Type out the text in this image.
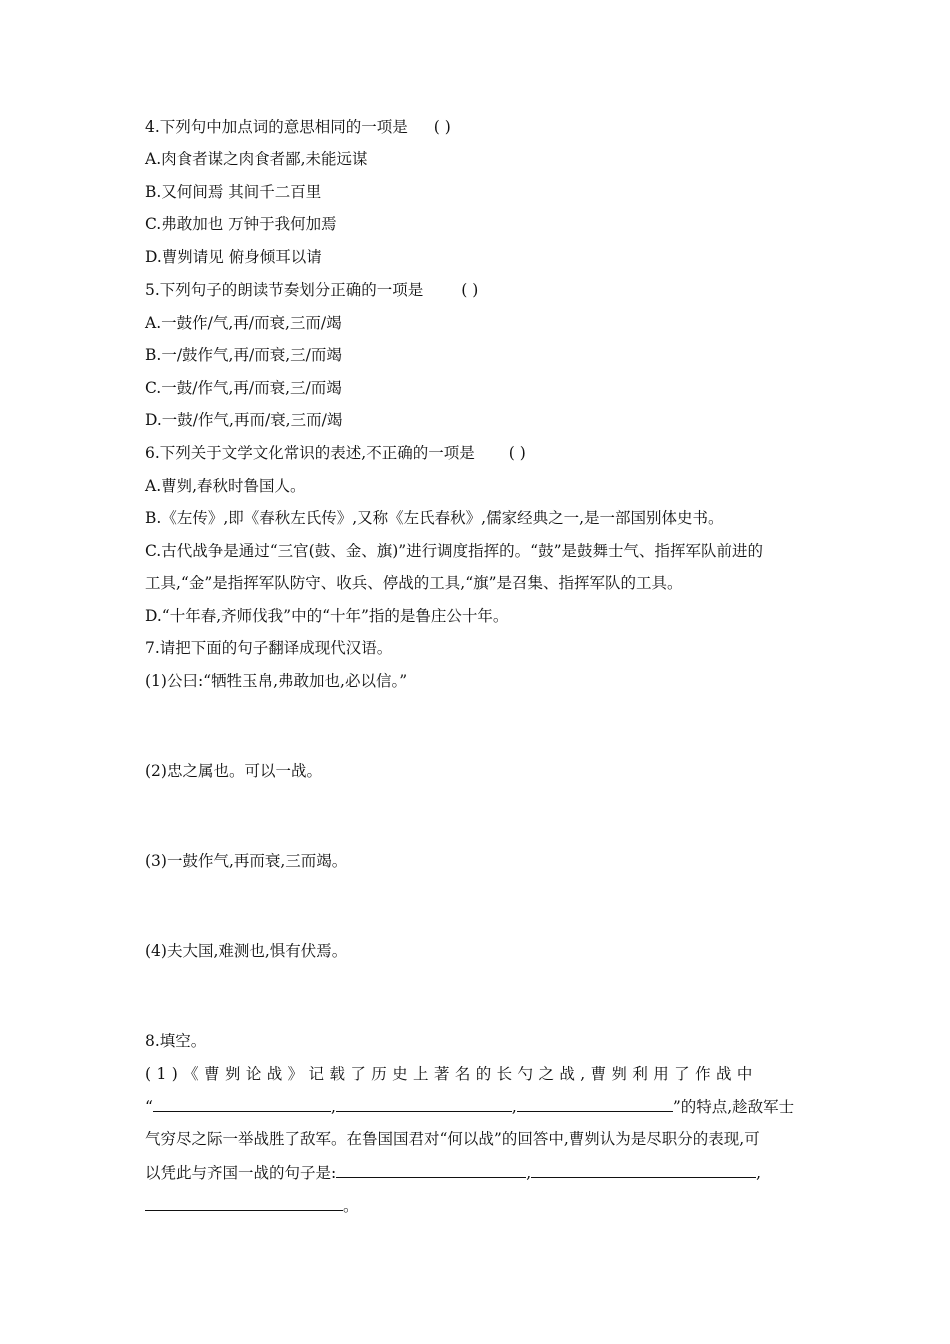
4.下列句中加点词的意思相同的一项是 ( )

A.肉食者谋之肉食者鄙,未能远谋

B.又何间焉 其间千二百里

C.弗敢加也 万钟于我何加焉

D.曹刿请见 俯身倾耳以请

5.下列句子的朗读节奏划分正确的一项是 ( )

A.一鼓作/气,再/而衰,三而/竭

B.一/鼓作气,再/而衰,三/而竭

C.一鼓/作气,再/而衰,三/而竭

D.一鼓/作气,再而/衰,三而/竭

6.下列关于文学文化常识的表述,不正确的一项是 ( )

A.曹刿,春秋时鲁国人。

B.《左传》,即《春秋左氏传》,又称《左氏春秋》,儒家经典之一,是一部国别体史书。

C.古代战争是通过“三官(鼓、金、旗)”进行调度指挥的。“鼓”是鼓舞士气、指挥军队前进的

工具,“金”是指挥军队防守、收兵、停战的工具,“旗”是召集、指挥军队的工具。

D.“十年春,齐师伐我”中的“十年”指的是鲁庄公十年。

7.请把下面的句子翻译成现代汉语。

(1)公曰:“牺牲玉帛,弗敢加也,必以信。”

(2)忠之属也。可以一战。

(3)一鼓作气,再而衰,三而竭。

(4)夫大国,难测也,惧有伏焉。

8.填空。

(1)《曹刿论战》记载了历史上著名的长勺之战,曹刿利用了作战中

“	,	,	”的特点,趁敌军士

气穷尽之际一举战胜了敌军。在鲁国国君对“何以战”的回答中,曹刿认为是尽职分的表现,可

以凭此与齐国一战的句子是:	,	,

。
